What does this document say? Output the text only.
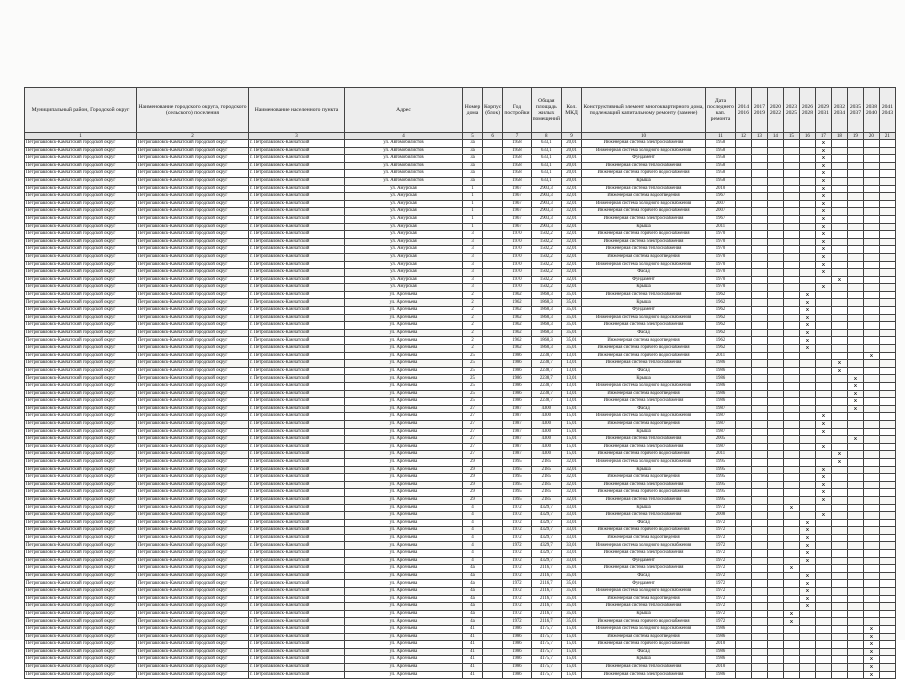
Муниципальный район, Городской округ	Наименование городского округа, городского (сельского) поселения	Наименование населенного пункта	Адрес	Номер дома	Корпус (блок)	Год постройки	Общая площадь жилых помещений	Кол. МКД	Конструктивный элемент многоквартирного дома, подлежащий капитальному ремонту (замене)	Дата последнего кап. ремонта	2014 2016	2017 2019	2020 2022	2023 2025	2026 2028	2029 2031	2032 2034	2035 2037	2038 2040	2041 2043
1	2	3	4	5	6	7	8	9	10	11	12	13	14	15	16	17	18	19	20	21
Петропавловск-Камчатский городской округ	Петропавловск-Камчатский городской округ	г. Петропавловск-Камчатский	ул. Автомобилистов	3а		1958	633,1	20,01	Инженерная система электроснабжения	1958						X				
Петропавловск-Камчатский городской округ	Петропавловск-Камчатский городской округ	г. Петропавловск-Камчатский	ул. Автомобилистов	3а		1958	633,1	20,01	Инженерная система холодного водоснабжения	1958						X				
Петропавловск-Камчатский городской округ	Петропавловск-Камчатский городской округ	г. Петропавловск-Камчатский	ул. Автомобилистов	3а		1958	633,1	20,01	Фундамент	1958						X				
Петропавловск-Камчатский городской округ	Петропавловск-Камчатский городской округ	г. Петропавловск-Камчатский	ул. Автомобилистов	3а		1958	633,1	20,01	Инженерная система теплоснабжения	1958						X				
Петропавловск-Камчатский городской округ	Петропавловск-Камчатский городской округ	г. Петропавловск-Камчатский	ул. Автомобилистов	3а		1958	633,1	20,01	Инженерная система горячего водоснабжения	1958						X				
Петропавловск-Камчатский городской округ	Петропавловск-Камчатский городской округ	г. Петропавловск-Камчатский	ул. Автомобилистов	3а		1958	633,1	20,01	Крыша	1958						X				
Петропавловск-Камчатский городской округ	Петропавловск-Камчатский городской округ	г. Петропавловск-Камчатский	ул. Амурская	1		1967	2903,3	32,01	Инженерная система теплоснабжения	2010						X				
Петропавловск-Камчатский городской округ	Петропавловск-Камчатский городской округ	г. Петропавловск-Камчатский	ул. Амурская	1		1967	2903,3	32,01	Инженерная система водоотведения	1967						X				
Петропавловск-Камчатский городской округ	Петропавловск-Камчатский городской округ	г. Петропавловск-Камчатский	ул. Амурская	1		1967	2903,3	32,01	Инженерная система холодного водоснабжения	2007						X				
Петропавловск-Камчатский городской округ	Петропавловск-Камчатский городской округ	г. Петропавловск-Камчатский	ул. Амурская	1		1967	2903,3	32,01	Инженерная система горячего водоснабжения	2007						X				
Петропавловск-Камчатский городской округ	Петропавловск-Камчатский городской округ	г. Петропавловск-Камчатский	ул. Амурская	1		1967	2903,3	32,01	Инженерная система электроснабжения	1967						X				
Петропавловск-Камчатский городской округ	Петропавловск-Камчатский городской округ	г. Петропавловск-Камчатский	ул. Амурская	1		1967	2903,3	32,01	Крыша	2011						X				
Петропавловск-Камчатский городской округ	Петропавловск-Камчатский городской округ	г. Петропавловск-Камчатский	ул. Амурская	3		1970	1502,2	32,01	Инженерная система горячего водоснабжения	1970						X				
Петропавловск-Камчатский городской округ	Петропавловск-Камчатский городской округ	г. Петропавловск-Камчатский	ул. Амурская	3		1970	1502,2	32,01	Инженерная система электроснабжения	1970						X				
Петропавловск-Камчатский городской округ	Петропавловск-Камчатский городской округ	г. Петропавловск-Камчатский	ул. Амурская	3		1970	1502,2	32,01	Инженерная система теплоснабжения	1970						X				
Петропавловск-Камчатский городской округ	Петропавловск-Камчатский городской округ	г. Петропавловск-Камчатский	ул. Амурская	3		1970	1502,2	32,01	Инженерная система водоотведения	1970						X				
Петропавловск-Камчатский городской округ	Петропавловск-Камчатский городской округ	г. Петропавловск-Камчатский	ул. Амурская	3		1970	1502,2	32,01	Инженерная система холодного водоснабжения	1970						X				
Петропавловск-Камчатский городской округ	Петропавловск-Камчатский городской округ	г. Петропавловск-Камчатский	ул. Амурская	3		1970	1502,2	32,01	Фасад	1970						X				
Петропавловск-Камчатский городской округ	Петропавловск-Камчатский городской округ	г. Петропавловск-Камчатский	ул. Амурская	3		1970	1502,2	32,01	Фундамент	1970							X			
Петропавловск-Камчатский городской округ	Петропавловск-Камчатский городской округ	г. Петропавловск-Камчатский	ул. Амурская	3		1970	1502,2	32,01	Крыша	1970						X				
Петропавловск-Камчатский городской округ	Петропавловск-Камчатский городской округ	г. Петропавловск-Камчатский	ул. Арсеньева	2		1962	1868,3	35,01	Инженерная система теплоснабжения	1962					X					
Петропавловск-Камчатский городской округ	Петропавловск-Камчатский городской округ	г. Петропавловск-Камчатский	ул. Арсеньева	2		1962	1868,3	35,01	Крыша	1962					X					
Петропавловск-Камчатский городской округ	Петропавловск-Камчатский городской округ	г. Петропавловск-Камчатский	ул. Арсеньева	2		1962	1868,3	35,01	Фундамент	1962					X					
Петропавловск-Камчатский городской округ	Петропавловск-Камчатский городской округ	г. Петропавловск-Камчатский	ул. Арсеньева	2		1962	1868,3	35,01	Инженерная система холодного водоснабжения	1962					X					
Петропавловск-Камчатский городской округ	Петропавловск-Камчатский городской округ	г. Петропавловск-Камчатский	ул. Арсеньева	2		1962	1868,3	35,01	Инженерная система электроснабжения	1962					X					
Петропавловск-Камчатский городской округ	Петропавловск-Камчатский городской округ	г. Петропавловск-Камчатский	ул. Арсеньева	2		1962	1868,3	35,01	Фасад	1962					X					
Петропавловск-Камчатский городской округ	Петропавловск-Камчатский городской округ	г. Петропавловск-Камчатский	ул. Арсеньева	2		1962	1868,3	35,01	Инженерная система водоотведения	1962					X					
Петропавловск-Камчатский городской округ	Петропавловск-Камчатский городской округ	г. Петропавловск-Камчатский	ул. Арсеньева	2		1962	1868,3	35,01	Инженерная система горячего водоснабжения	1962					X					
Петропавловск-Камчатский городской округ	Петропавловск-Камчатский городской округ	г. Петропавловск-Камчатский	ул. Арсеньева	25		1986	2238,7	13,01	Инженерная система горячего водоснабжения	2011									X	
Петропавловск-Камчатский городской округ	Петропавловск-Камчатский городской округ	г. Петропавловск-Камчатский	ул. Арсеньева	25		1986	2238,7	13,01	Инженерная система теплоснабжения	1986							X			
Петропавловск-Камчатский городской округ	Петропавловск-Камчатский городской округ	г. Петропавловск-Камчатский	ул. Арсеньева	25		1986	2238,7	13,01	Фасад	1986							X			
Петропавловск-Камчатский городской округ	Петропавловск-Камчатский городской округ	г. Петропавловск-Камчатский	ул. Арсеньева	25		1986	2238,7	13,01	Крыша	1986								X		
Петропавловск-Камчатский городской округ	Петропавловск-Камчатский городской округ	г. Петропавловск-Камчатский	ул. Арсеньева	25		1986	2238,7	13,01	Инженерная система холодного водоснабжения	1986								X		
Петропавловск-Камчатский городской округ	Петропавловск-Камчатский городской округ	г. Петропавловск-Камчатский	ул. Арсеньева	25		1986	2238,7	13,01	Инженерная система водоотведения	1986								X		
Петропавловск-Камчатский городской округ	Петропавловск-Камчатский городской округ	г. Петропавловск-Камчатский	ул. Арсеньева	25		1986	2238,7	13,01	Инженерная система электроснабжения	1986								X		
Петропавловск-Камчатский городской округ	Петропавловск-Камчатский городской округ	г. Петропавловск-Камчатский	ул. Арсеньева	27		1987	4300	15,01	Фасад	1987								X		
Петропавловск-Камчатский городской округ	Петропавловск-Камчатский городской округ	г. Петропавловск-Камчатский	ул. Арсеньева	27		1987	4300	15,01	Инженерная система холодного водоснабжения	1987						X				
Петропавловск-Камчатский городской округ	Петропавловск-Камчатский городской округ	г. Петропавловск-Камчатский	ул. Арсеньева	27		1987	4300	15,01	Инженерная система водоотведения	1987						X				
Петропавловск-Камчатский городской округ	Петропавловск-Камчатский городской округ	г. Петропавловск-Камчатский	ул. Арсеньева	27		1987	4300	15,01	Крыша	1987						X				
Петропавловск-Камчатский городской округ	Петропавловск-Камчатский городской округ	г. Петропавловск-Камчатский	ул. Арсеньева	27		1987	4300	15,01	Инженерная система теплоснабжения	2005								X		
Петропавловск-Камчатский городской округ	Петропавловск-Камчатский городской округ	г. Петропавловск-Камчатский	ул. Арсеньева	27		1987	4300	15,01	Инженерная система электроснабжения	1987						X				
Петропавловск-Камчатский городской округ	Петропавловск-Камчатский городской округ	г. Петропавловск-Камчатский	ул. Арсеньева	27		1987	4300	15,01	Инженерная система горячего водоснабжения	2011							X			
Петропавловск-Камчатский городской округ	Петропавловск-Камчатский городской округ	г. Петропавловск-Камчатский	ул. Арсеньева	29		1995	2185	32,01	Инженерная система холодного водоснабжения	1995							X			
Петропавловск-Камчатский городской округ	Петропавловск-Камчатский городской округ	г. Петропавловск-Камчатский	ул. Арсеньева	29		1995	2185	32,01	Крыша	1995						X				
Петропавловск-Камчатский городской округ	Петропавловск-Камчатский городской округ	г. Петропавловск-Камчатский	ул. Арсеньева	29		1995	2185	32,01	Инженерная система водоотведения	1995						X				
Петропавловск-Камчатский городской округ	Петропавловск-Камчатский городской округ	г. Петропавловск-Камчатский	ул. Арсеньева	29		1995	2185	32,01	Инженерная система электроснабжения	1995						X				
Петропавловск-Камчатский городской округ	Петропавловск-Камчатский городской округ	г. Петропавловск-Камчатский	ул. Арсеньева	29		1995	2185	32,01	Инженерная система горячего водоснабжения	1995						X				
Петропавловск-Камчатский городской округ	Петропавловск-Камчатский городской округ	г. Петропавловск-Камчатский	ул. Арсеньева	29		1995	2185	32,01	Инженерная система теплоснабжения	1995						X				
Петропавловск-Камчатский городской округ	Петропавловск-Камчатский городской округ	г. Петропавловск-Камчатский	ул. Арсеньева	4		1972	4329,7	33,01	Крыша	1972				X						
Петропавловск-Камчатский городской округ	Петропавловск-Камчатский городской округ	г. Петропавловск-Камчатский	ул. Арсеньева	4		1972	4329,7	33,01	Инженерная система теплоснабжения	2008						X				
Петропавловск-Камчатский городской округ	Петропавловск-Камчатский городской округ	г. Петропавловск-Камчатский	ул. Арсеньева	4		1972	4329,7	33,01	Фасад	1972					X					
Петропавловск-Камчатский городской округ	Петропавловск-Камчатский городской округ	г. Петропавловск-Камчатский	ул. Арсеньева	4		1972	4329,7	33,01	Инженерная система горячего водоснабжения	1972					X					
Петропавловск-Камчатский городской округ	Петропавловск-Камчатский городской округ	г. Петропавловск-Камчатский	ул. Арсеньева	4		1972	4329,7	33,01	Инженерная система водоотведения	1972					X					
Петропавловск-Камчатский городской округ	Петропавловск-Камчатский городской округ	г. Петропавловск-Камчатский	ул. Арсеньева	4		1972	4329,7	33,01	Инженерная система холодного водоснабжения	1972					X					
Петропавловск-Камчатский городской округ	Петропавловск-Камчатский городской округ	г. Петропавловск-Камчатский	ул. Арсеньева	4		1972	4329,7	33,01	Инженерная система электроснабжения	1972					X					
Петропавловск-Камчатский городской округ	Петропавловск-Камчатский городской округ	г. Петропавловск-Камчатский	ул. Арсеньева	4		1972	4329,7	33,01	Фундамент	1972					X					
Петропавловск-Камчатский городской округ	Петропавловск-Камчатский городской округ	г. Петропавловск-Камчатский	ул. Арсеньева	4а		1972	2116,7	35,01	Инженерная система электроснабжения	1972				X						
Петропавловск-Камчатский городской округ	Петропавловск-Камчатский городской округ	г. Петропавловск-Камчатский	ул. Арсеньева	4а		1972	2116,7	35,01	Фасад	1972					X					
Петропавловск-Камчатский городской округ	Петропавловск-Камчатский городской округ	г. Петропавловск-Камчатский	ул. Арсеньева	4а		1972	2116,7	35,01	Фундамент	1972					X					
Петропавловск-Камчатский городской округ	Петропавловск-Камчатский городской округ	г. Петропавловск-Камчатский	ул. Арсеньева	4а		1972	2116,7	35,01	Инженерная система холодного водоснабжения	1972					X					
Петропавловск-Камчатский городской округ	Петропавловск-Камчатский городской округ	г. Петропавловск-Камчатский	ул. Арсеньева	4а		1972	2116,7	35,01	Инженерная система водоотведения	1972					X					
Петропавловск-Камчатский городской округ	Петропавловск-Камчатский городской округ	г. Петропавловск-Камчатский	ул. Арсеньева	4а		1972	2116,7	35,01	Инженерная система теплоснабжения	1972					X					
Петропавловск-Камчатский городской округ	Петропавловск-Камчатский городской округ	г. Петропавловск-Камчатский	ул. Арсеньева	4а		1972	2116,7	35,01	Крыша	1972				X						
Петропавловск-Камчатский городской округ	Петропавловск-Камчатский городской округ	г. Петропавловск-Камчатский	ул. Арсеньева	4а		1972	2116,7	35,01	Инженерная система горячего водоснабжения	1972				X						
Петропавловск-Камчатский городской округ	Петропавловск-Камчатский городской округ	г. Петропавловск-Камчатский	ул. Арсеньева	41		1986	4175,7	15,01	Инженерная система холодного водоснабжения	1986									X	
Петропавловск-Камчатский городской округ	Петропавловск-Камчатский городской округ	г. Петропавловск-Камчатский	ул. Арсеньева	41		1986	4175,7	15,01	Инженерная система водоотведения	1986									X	
Петропавловск-Камчатский городской округ	Петропавловск-Камчатский городской округ	г. Петропавловск-Камчатский	ул. Арсеньева	41		1986	4175,7	15,01	Инженерная система горячего водоснабжения	2010									X	
Петропавловск-Камчатский городской округ	Петропавловск-Камчатский городской округ	г. Петропавловск-Камчатский	ул. Арсеньева	41		1986	4175,7	15,01	Фасад	1986									X	
Петропавловск-Камчатский городской округ	Петропавловск-Камчатский городской округ	г. Петропавловск-Камчатский	ул. Арсеньева	41		1986	4175,7	15,01	Крыша	1986									X	
Петропавловск-Камчатский городской округ	Петропавловск-Камчатский городской округ	г. Петропавловск-Камчатский	ул. Арсеньева	41		1986	4175,7	15,01	Инженерная система теплоснабжения	2010									X	
Петропавловск-Камчатский городской округ	Петропавловск-Камчатский городской округ	г. Петропавловск-Камчатский	ул. Арсеньева	41		1986	4175,7	15,01	Инженерная система электроснабжения	1986									X	
